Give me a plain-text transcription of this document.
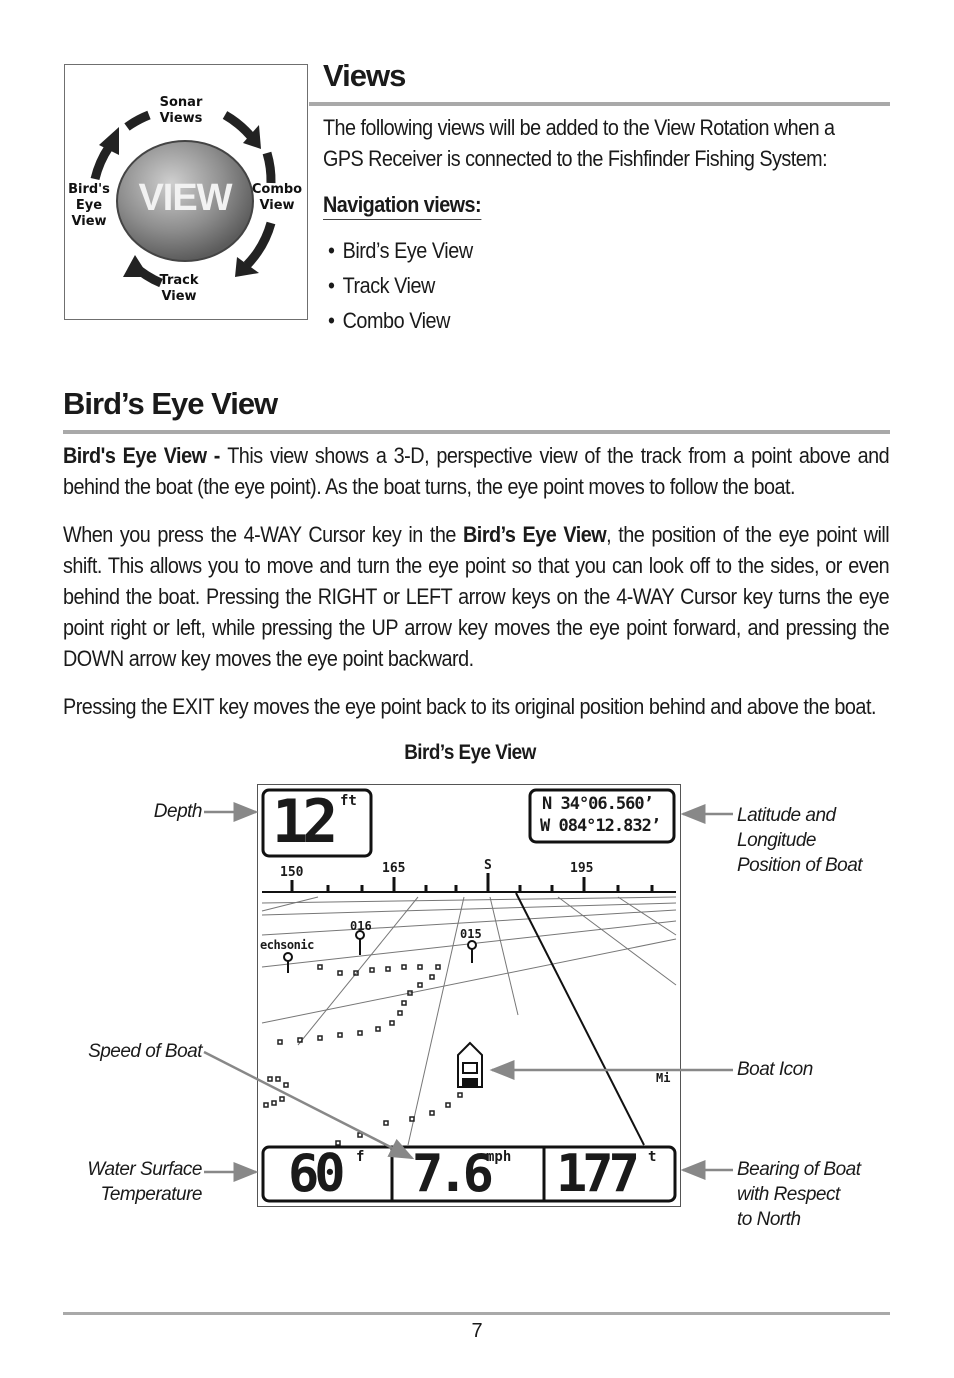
VIEW
Sonar
Views
Combo
View
Track
View
Bird's
Eye
View
Views
The following views will be added to the View Rotation when a GPS Receiver is connected to the Fishfinder Fishing System:
Navigation views:
• Bird’s Eye View
• Track View
• Combo View
Bird’s Eye View
Bird's Eye View - This view shows a 3-D, perspective view of the track from a point above and behind the boat (the eye point). As the boat turns, the eye point moves to follow the boat.
When you press the 4-WAY Cursor key in the Bird’s Eye View, the position of the eye point will shift. This allows you to move and turn the eye point so that you can look off to the sides, or even behind the boat. Pressing the RIGHT or LEFT arrow keys on the 4-WAY Cursor key turns the eye point right or left, while pressing the UP arrow key moves the eye point forward, and pressing the DOWN arrow key moves the eye point backward.
Pressing the EXIT key moves the eye point back to its original position behind and above the boat.
Bird’s Eye View
12 ft	N 34°06.560’
W 084°12.832’
150	165	S	195
016
015
echsonic
Mi
60 f 7.6
mph 177 t
Depth	Latitude and
Longitude
Position of Boat
Speed of Boat
Boat Icon
Water Surface
Temperature
Bearing of Boat
with Respect
to North
7
